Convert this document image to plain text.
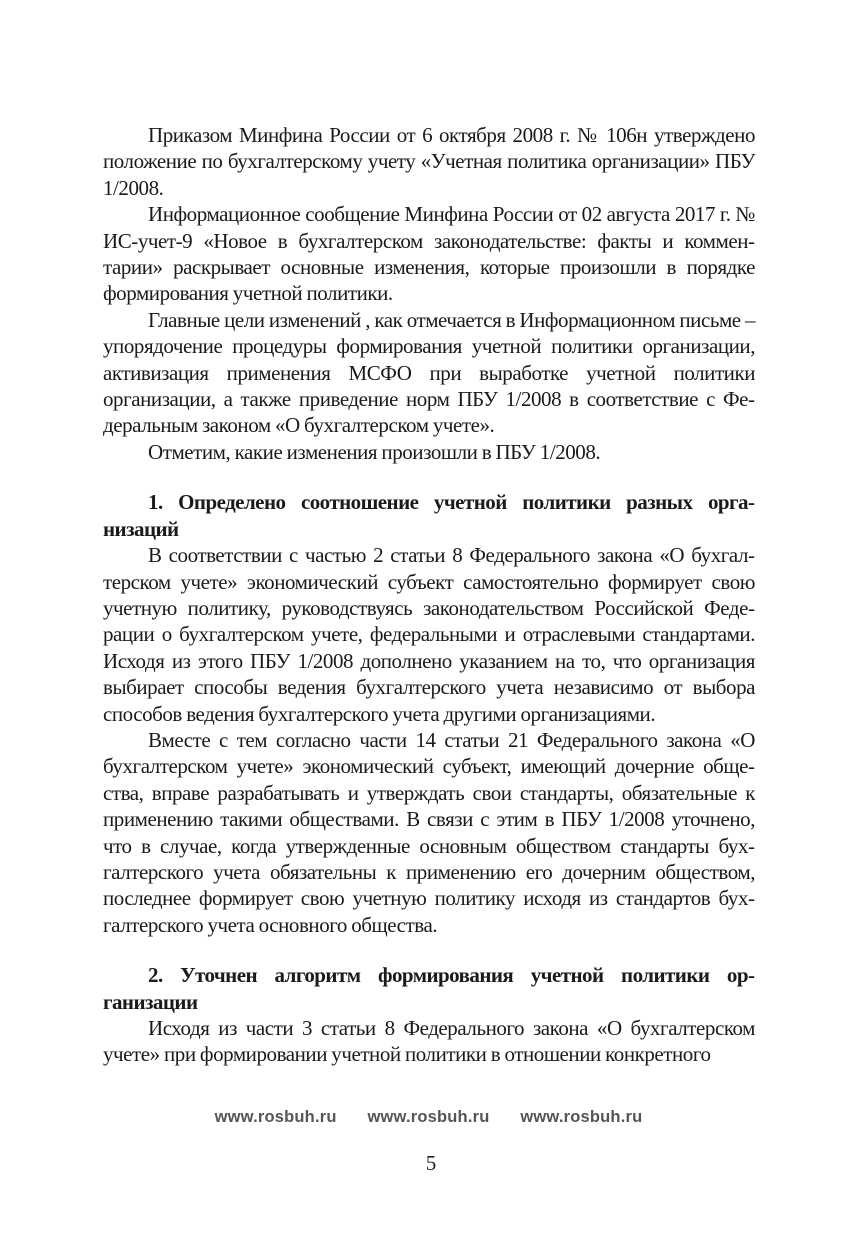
Приказом Минфина России от 6 октября 2008 г. № 106н утверждено положение по бухгалтерскому учету «Учетная политика организации» ПБУ 1/2008.

Информационное сообщение Минфина России от 02 августа 2017 г. № ИС-учет-9 «Новое в бухгалтерском законодательстве: факты и комментарии» раскрывает основные изменения, которые произошли в порядке формирования учетной политики.

Главные цели изменений , как отмечается в Информационном письме – упорядочение процедуры формирования учетной политики организации, активизация применения МСФО при выработке учетной политики организации, а также приведение норм ПБУ 1/2008 в соответствие с Федеральным законом «О бухгалтерском учете».

Отметим, какие изменения произошли в ПБУ 1/2008.

1. Определено соотношение учетной политики разных организаций

В соответствии с частью 2 статьи 8 Федерального закона «О бухгалтерском учете» экономический субъект самостоятельно формирует свою учетную политику, руководствуясь законодательством Российской Федерации о бухгалтерском учете, федеральными и отраслевыми стандартами. Исходя из этого ПБУ 1/2008 дополнено указанием на то, что организация выбирает способы ведения бухгалтерского учета независимо от выбора способов ведения бухгалтерского учета другими организациями.

Вместе с тем согласно части 14 статьи 21 Федерального закона «О бухгалтерском учете» экономический субъект, имеющий дочерние общества, вправе разрабатывать и утверждать свои стандарты, обязательные к применению такими обществами. В связи с этим в ПБУ 1/2008 уточнено, что в случае, когда утвержденные основным обществом стандарты бухгалтерского учета обязательны к применению его дочерним обществом, последнее формирует свою учетную политику исходя из стандартов бухгалтерского учета основного общества.

2. Уточнен алгоритм формирования учетной политики организации

Исходя из части 3 статьи 8 Федерального закона «О бухгалтерском учете» при формировании учетной политики в отношении конкретного

www.rosbuh.ru www.rosbuh.ru www.rosbuh.ru
5
